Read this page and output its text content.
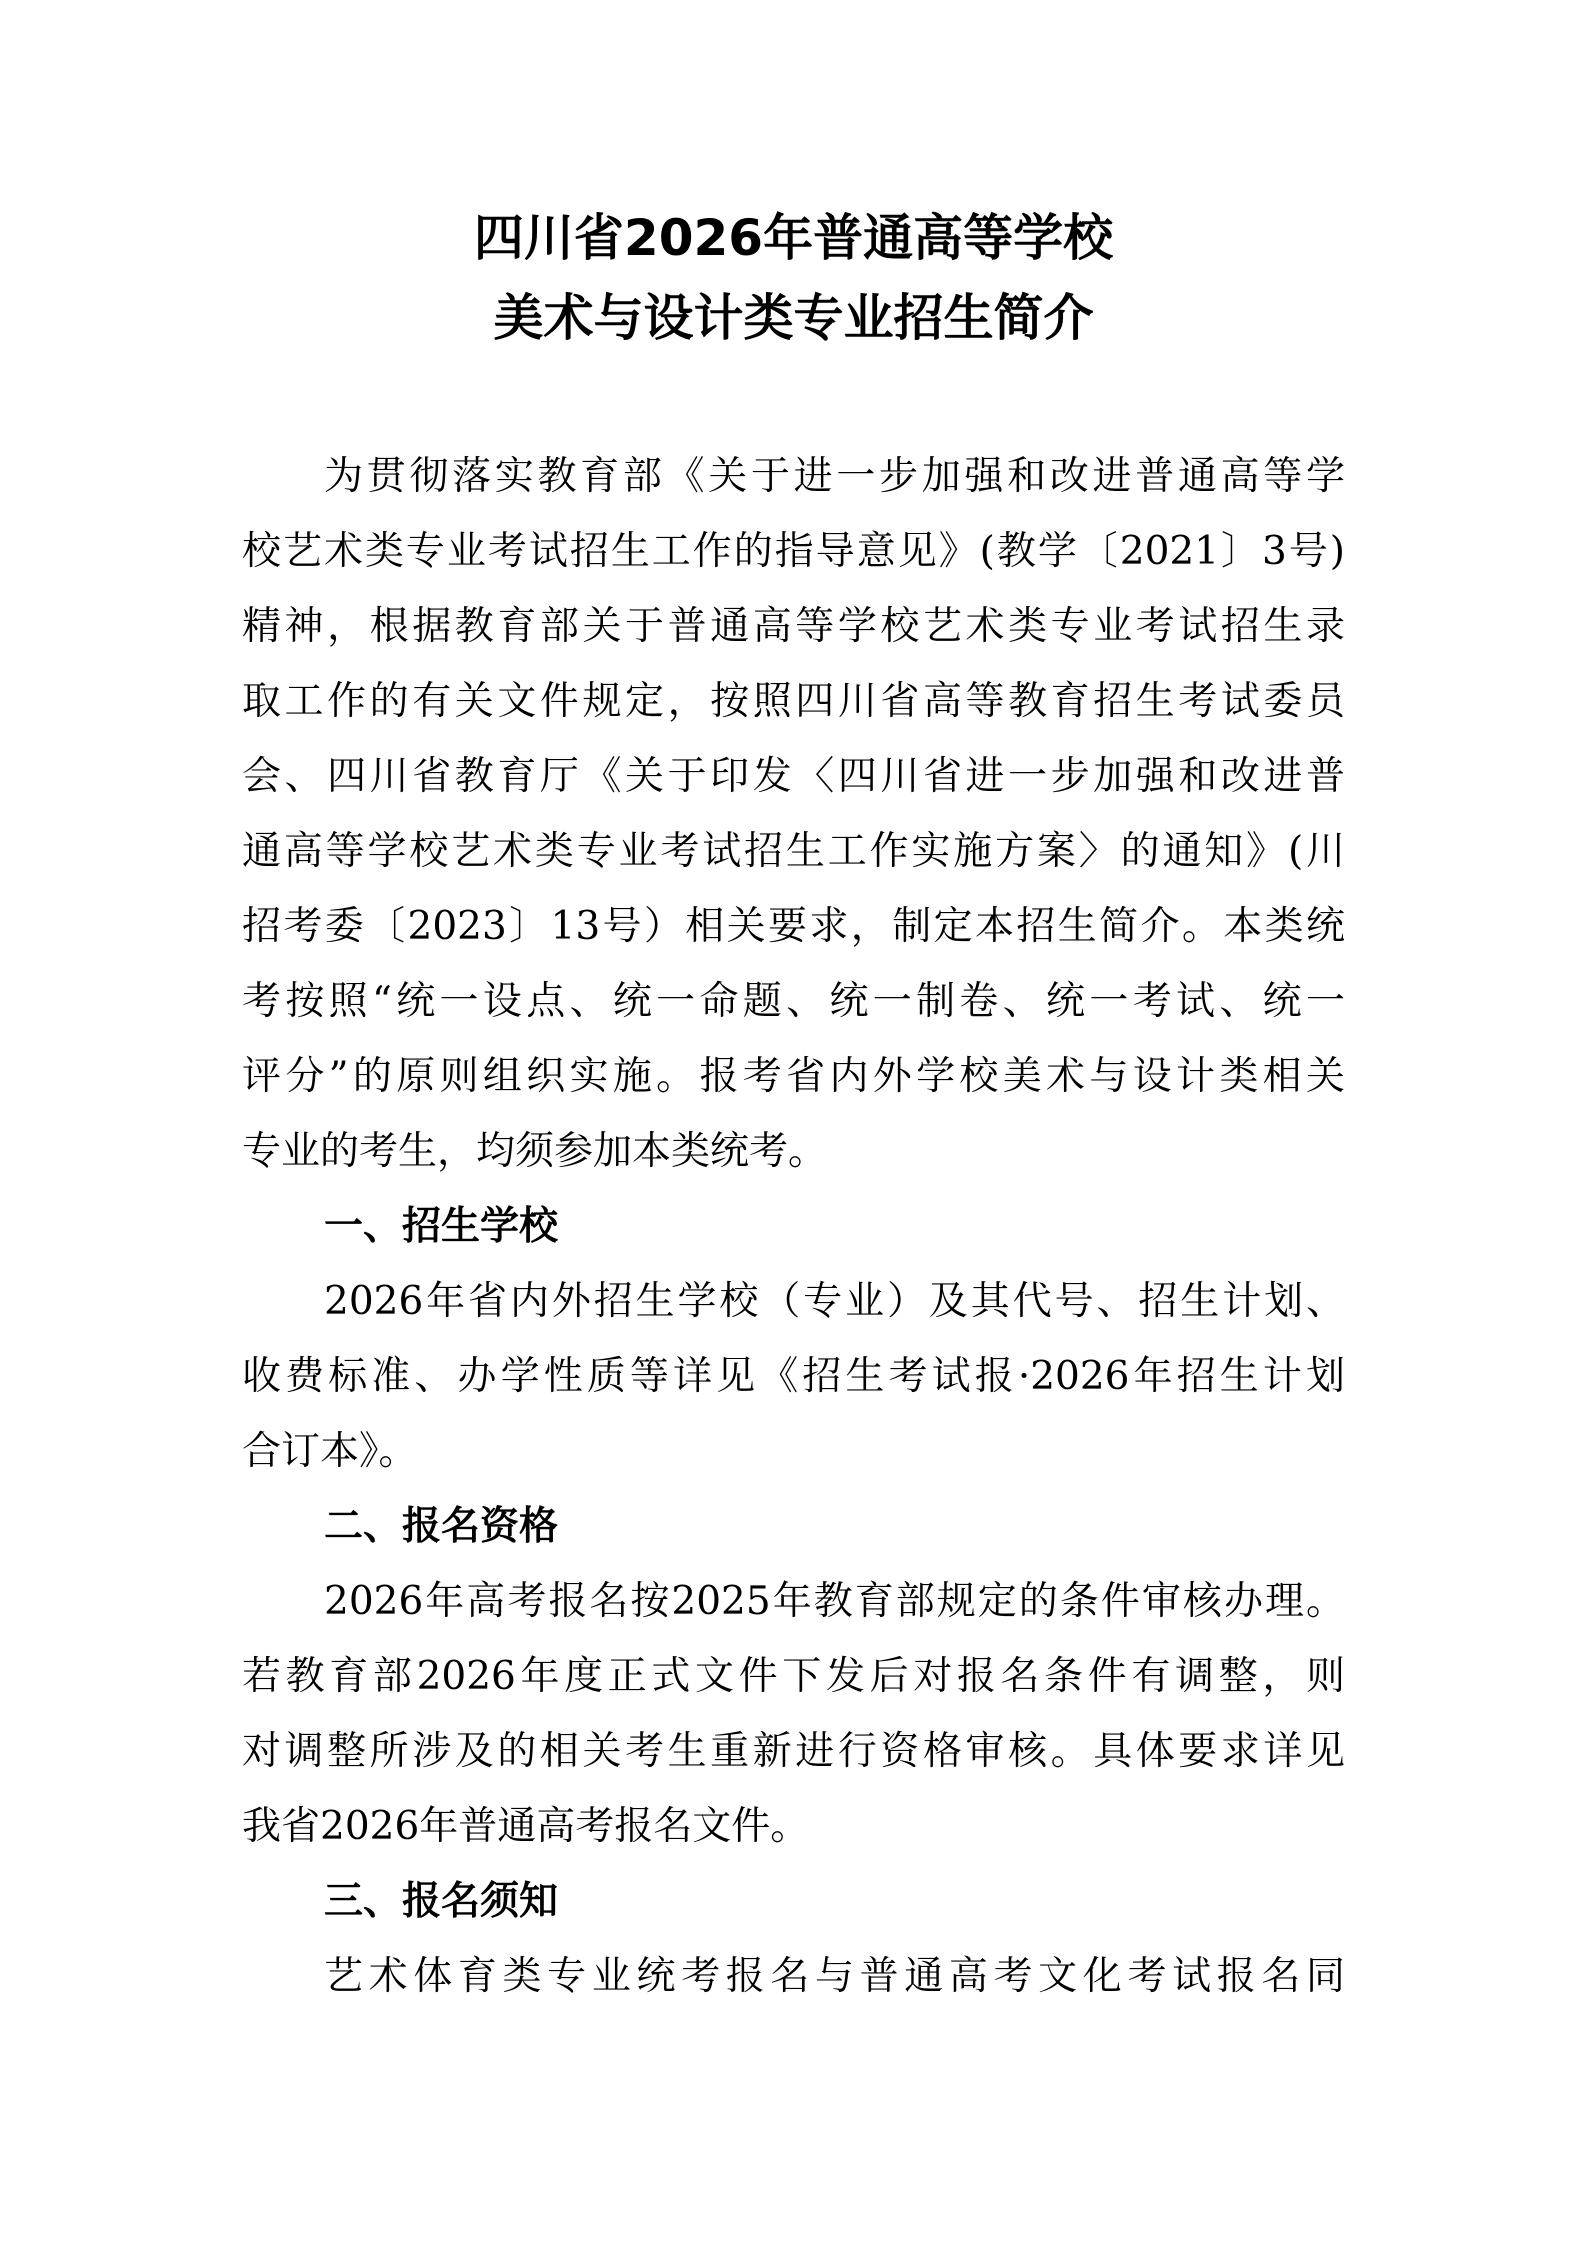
四川省2026年普通高等学校
美术与设计类专业招生简介
为贯彻落实教育部《关于进一步加强和改进普通高等学
校艺术类专业考试招生工作的指导意见》(教学〔2021〕3号)
精神，根据教育部关于普通高等学校艺术类专业考试招生录
取工作的有关文件规定，按照四川省高等教育招生考试委员
会、四川省教育厅《关于印发〈四川省进一步加强和改进普
通高等学校艺术类专业考试招生工作实施方案〉的通知》(川
招考委〔2023〕13号）相关要求，制定本招生简介。本类统
考按照“统一设点、统一命题、统一制卷、统一考试、统一
评分”的原则组织实施。报考省内外学校美术与设计类相关
专业的考生，均须参加本类统考。
一、招生学校
2026年省内外招生学校（专业）及其代号、招生计划、
收费标准、办学性质等详见《招生考试报·2026年招生计划
合订本》。
二、报名资格
2026年高考报名按2025年教育部规定的条件审核办理。
若教育部2026年度正式文件下发后对报名条件有调整，则
对调整所涉及的相关考生重新进行资格审核。具体要求详见
我省2026年普通高考报名文件。
三、报名须知
艺术体育类专业统考报名与普通高考文化考试报名同
